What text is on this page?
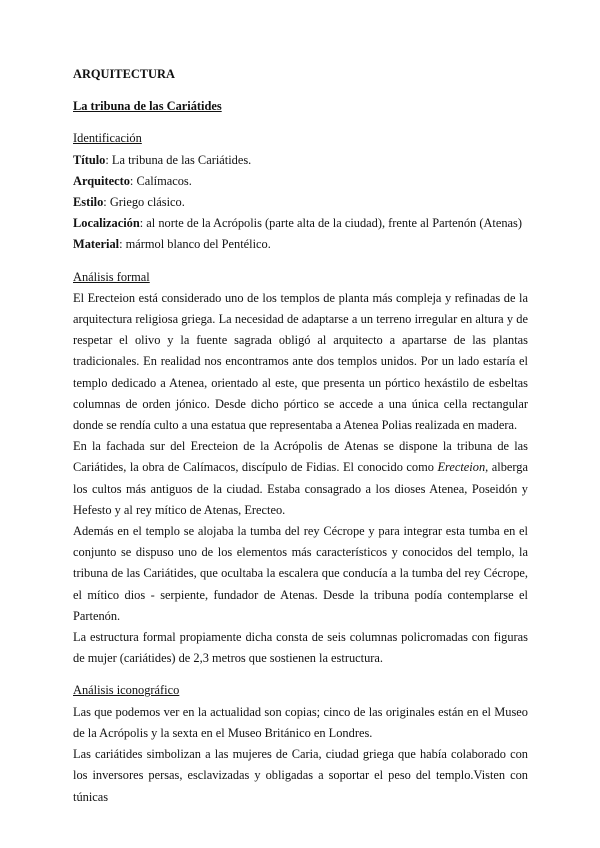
ARQUITECTURA
La tribuna de las Cariátides
Identificación
Título: La tribuna de las Cariátides.
Arquitecto: Calímacos.
Estilo: Griego clásico.
Localización: al norte de la Acrópolis (parte alta de la ciudad), frente al Partenón (Atenas)
Material: mármol blanco del Pentélico.
Análisis formal

El Erecteion está considerado uno de los templos de planta más compleja y refinadas de la arquitectura religiosa griega. La necesidad de adaptarse a un terreno irregular en altura y de respetar el olivo y la fuente sagrada obligó al arquitecto a apartarse de las plantas tradicionales. En realidad nos encontramos ante dos templos unidos. Por un lado estaría el templo dedicado a Atenea, orientado al este, que presenta un pórtico hexástilo de esbeltas columnas de orden jónico. Desde dicho pórtico se accede a una única cella rectangular donde se rendía culto a una estatua que representaba a Atenea Polias realizada en madera.

En la fachada sur del Erecteion de la Acrópolis de Atenas se dispone la tribuna de las Cariátides, la obra de Calímacos, discípulo de Fidias. El conocido como Erecteion, alberga los cultos más antiguos de la ciudad. Estaba consagrado a los dioses Atenea, Poseidón y Hefesto y al rey mítico de Atenas, Erecteo.

Además en el templo se alojaba la tumba del rey Cécrope y para integrar esta tumba en el conjunto se dispuso uno de los elementos más característicos y conocidos del templo, la tribuna de las Cariátides, que ocultaba la escalera que conducía a la tumba del rey Cécrope, el mítico dios - serpiente, fundador de Atenas. Desde la tribuna podía contemplarse el Partenón.

La estructura formal propiamente dicha consta de seis columnas policromadas con figuras de mujer (cariátides) de 2,3 metros que sostienen la estructura.

Análisis iconográfico

Las que podemos ver en la actualidad son copias; cinco de las originales están en el Museo de la Acrópolis y la sexta en el Museo Británico en Londres.

Las cariátides simbolizan a las mujeres de Caria, ciudad griega que había colaborado con los inversores persas, esclavizadas y obligadas a soportar el peso del templo.Visten con túnicas
